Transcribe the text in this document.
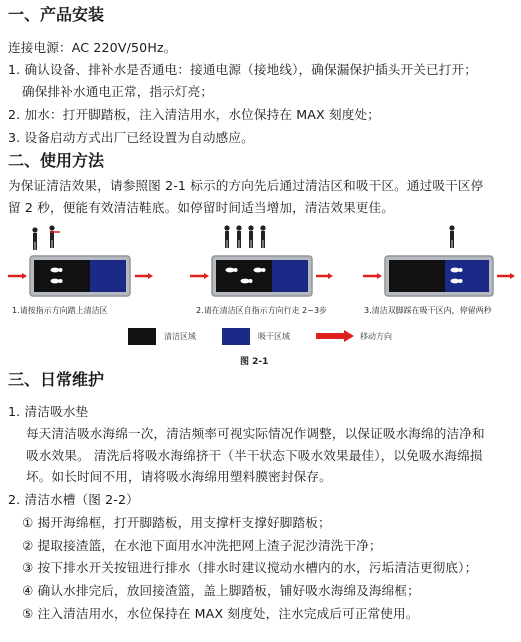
一、产品安装
连接电源：AC 220V/50Hz。
1. 确认设备、排补水是否通电：接通电源（接地线），确保漏保护插头开关已打开；
确保排补水通电正常，指示灯亮；
2. 加水：打开脚踏板，注入清洁用水，水位保持在 MAX 刻度处；
3. 设备启动方式出厂已经设置为自动感应。
二、使用方法
为保证清洁效果，请参照图 2-1 标示的方向先后通过清洁区和吸干区。通过吸干区停
留 2 秒，便能有效清洁鞋底。如停留时间适当增加，清洁效果更佳。
1.请按指示方向踏上清洁区	2.请在清洁区自指示方向行走 2~3步	3.清洁双脚踩在吸干区内，停留两秒
清洁区域	吸干区域	移动方向
图 2-1
三、日常维护
1. 清洁吸水垫
每天清洁吸水海绵一次，清洁频率可视实际情况作调整，以保证吸水海绵的洁净和
吸水效果。 清洗后将吸水海绵挤干（半干状态下吸水效果最佳），以免吸水海绵损
坏。如长时间不用，请将吸水海绵用塑料膜密封保存。
2. 清洁水槽（图 2-2）
① 揭开海绵框，打开脚踏板，用支撑杆支撑好脚踏板；
② 提取接渣篮，在水池下面用水冲洗把网上渣子泥沙清洗干净；
③ 按下排水开关按钮进行排水（排水时建议搅动水槽内的水，污垢清洁更彻底）；
④ 确认水排完后，放回接渣篮，盖上脚踏板，铺好吸水海绵及海绵框；
⑤ 注入清洁用水，水位保持在 MAX 刻度处，注水完成后可正常使用。
